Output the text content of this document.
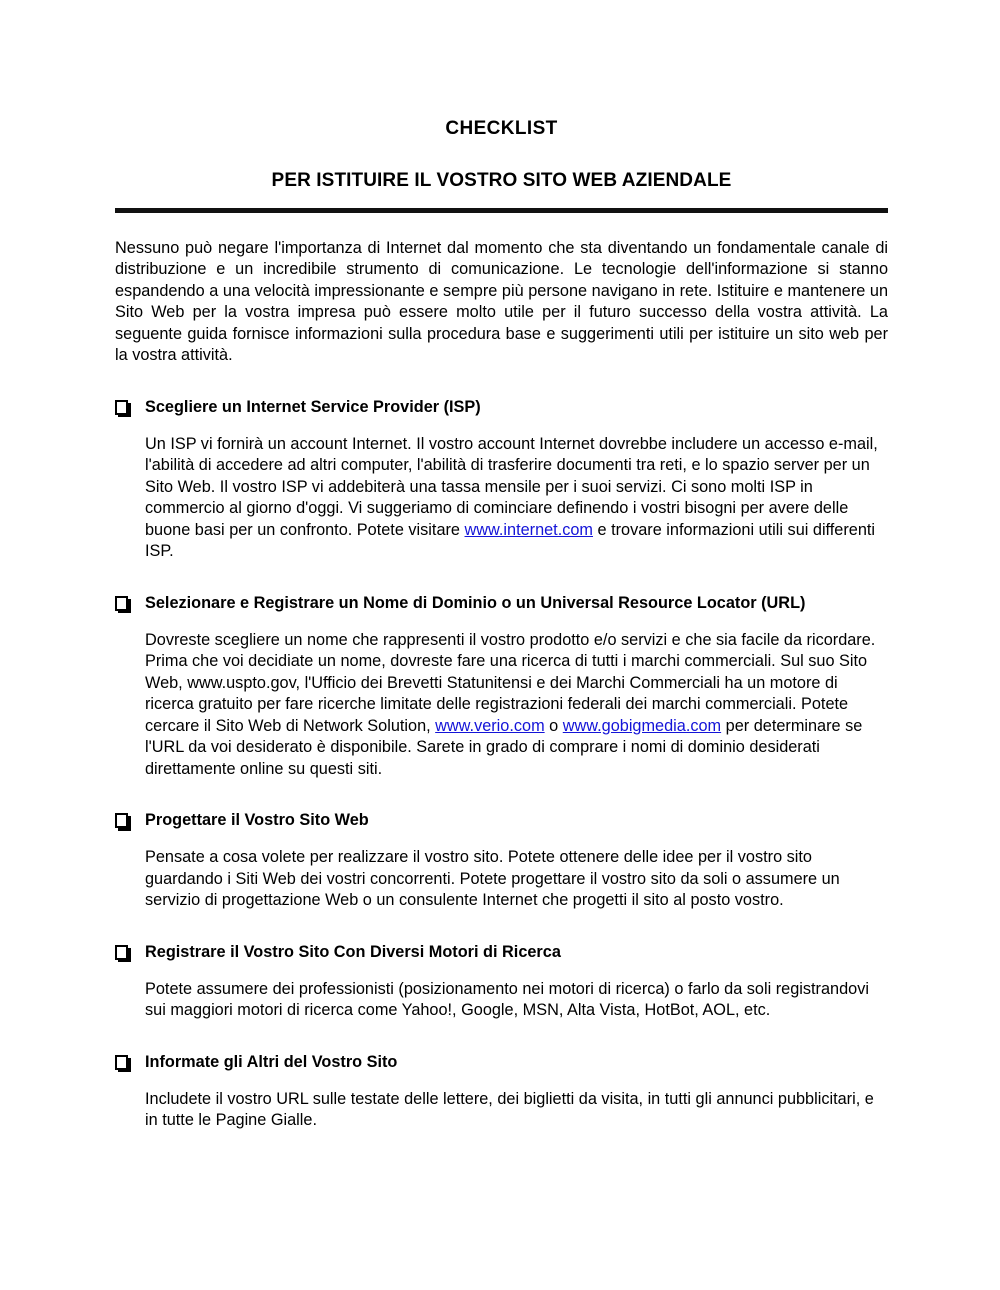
CHECKLIST
PER ISTITUIRE IL VOSTRO SITO WEB AZIENDALE

Nessuno può negare l'importanza di Internet dal momento che sta diventando un fondamentale canale di distribuzione e un incredibile strumento di comunicazione. Le tecnologie dell'informazione si stanno espandendo a una velocità impressionante e sempre più persone navigano in rete. Istituire e mantenere un Sito Web per la vostra impresa può essere molto utile per il futuro successo della vostra attività. La seguente guida fornisce informazioni sulla procedura base e suggerimenti utili per istituire un sito web per la vostra attività.

Scegliere un Internet Service Provider (ISP)

Un ISP vi fornirà un account Internet. Il vostro account Internet dovrebbe includere un accesso e-mail, l'abilità di accedere ad altri computer, l'abilità di trasferire documenti tra reti, e lo spazio server per un Sito Web. Il vostro ISP vi addebiterà una tassa mensile per i suoi servizi. Ci sono molti ISP in commercio al giorno d'oggi. Vi suggeriamo di cominciare definendo i vostri bisogni per avere delle buone basi per un confronto. Potete visitare www.internet.com e trovare informazioni utili sui differenti ISP.

Selezionare e Registrare un Nome di Dominio o un Universal Resource Locator (URL)

Dovreste scegliere un nome che rappresenti il vostro prodotto e/o servizi e che sia facile da ricordare. Prima che voi decidiate un nome, dovreste fare una ricerca di tutti i marchi commerciali. Sul suo Sito Web, www.uspto.gov, l'Ufficio dei Brevetti Statunitensi e dei Marchi Commerciali ha un motore di ricerca gratuito per fare ricerche limitate delle registrazioni federali dei marchi commerciali. Potete cercare il Sito Web di Network Solution, www.verio.com o www.gobigmedia.com per determinare se l'URL da voi desiderato è disponibile. Sarete in grado di comprare i nomi di dominio desiderati direttamente online su questi siti.

Progettare il Vostro Sito Web

Pensate a cosa volete per realizzare il vostro sito. Potete ottenere delle idee per il vostro sito guardando i Siti Web dei vostri concorrenti. Potete progettare il vostro sito da soli o assumere un servizio di progettazione Web o un consulente Internet che progetti il sito al posto vostro.

Registrare il Vostro Sito Con Diversi Motori di Ricerca

Potete assumere dei professionisti (posizionamento nei motori di ricerca) o farlo da soli registrandovi sui maggiori motori di ricerca come Yahoo!, Google, MSN, Alta Vista, HotBot, AOL, etc.

Informate gli Altri del Vostro Sito

Includete il vostro URL sulle testate delle lettere, dei biglietti da visita, in tutti gli annunci pubblicitari, e in tutte le Pagine Gialle.
